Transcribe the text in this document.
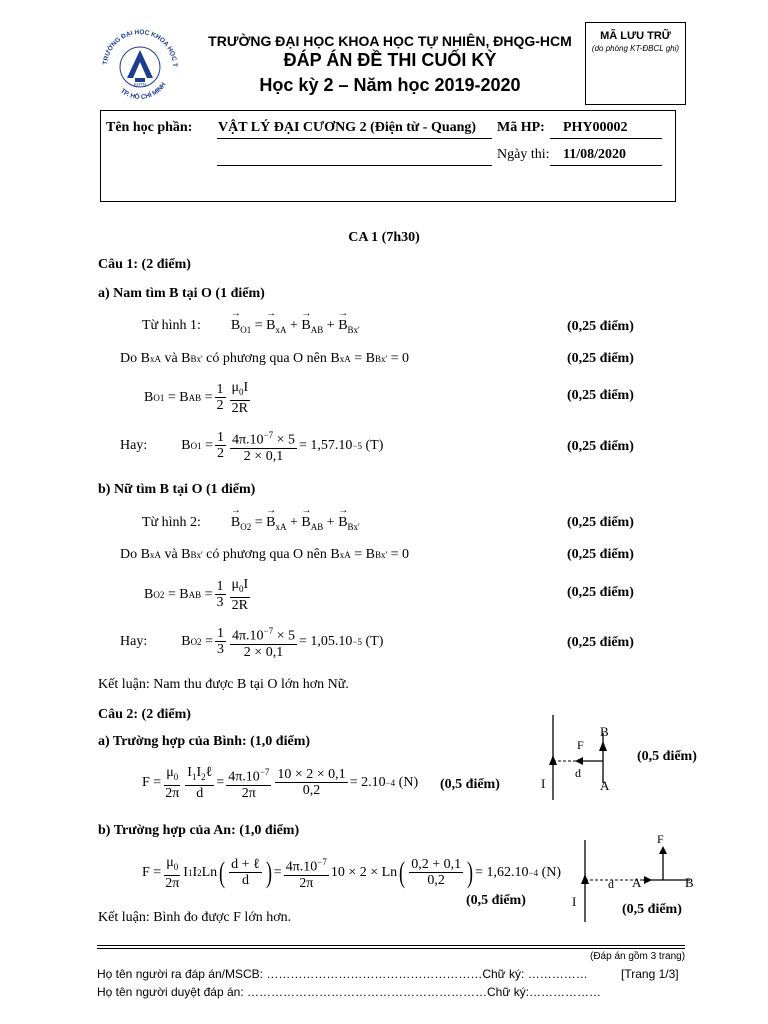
TRƯỜNG ĐẠI HỌC KHOA HỌC T
TP. HỒ CHÍ MINH
KHTN
TRƯỜNG ĐẠI HỌC KHOA HỌC TỰ NHIÊN, ĐHQG-HCM
ĐÁP ÁN ĐỀ THI CUỐI KỲ
Học kỳ 2 – Năm học 2019-2020
MÃ LƯU TRỮ
(do phòng KT-ĐBCL ghi)
Tên học phần: VẬT LÝ ĐẠI CƯƠNG 2 (Điện từ - Quang) Mã HP: PHY00002
Ngày thi: 11/08/2020
CA 1 (7h30)
Câu 1: (2 điểm)
a) Nam tìm B tại O (1 điểm)
Từ hình 1: → $B_{O1}$ = → $B_{xA}$ + → $B_{AB}$ + → $B_{Bx'}$	(0,25 điểm)
Do B xA và B Bx' có phương qua O nên B xA = B Bx' = 0	(0,25 điểm)
B O1 = B AB = $\frac{1}{2} \frac{\mu_0I}{2R}$	(0,25 điểm)
Hay: B $O1 = \frac{1}{2} \frac{4\pi.10^{-7} \times 5}{2 \times 0,1} = 1,57.10 -5$
(T)	(0,25 điểm)
b) Nữ tìm B tại O (1 điểm)
Từ hình 2: → $B_{O2}$ = → $B_{xA}$ + → $B_{AB}$ + → $B_{Bx'}$	(0,25 điểm)
Do B xA và B Bx' có phương qua O nên B xA = B Bx' = 0	(0,25 điểm)
B O2 = B AB = $\frac{1}{3} \frac{\mu_0I}{2R}$	(0,25 điểm)
Hay: B $O2 = \frac{1}{3} \frac{4\pi.10^{-7} \times 5}{2 \times 0,1} = 1,05.10 -5$
(T)	(0,25 điểm)
Kết luận: Nam thu được B tại O lớn hơn Nữ.
Câu 2: (2 điểm)
a) Trường hợp của Bình: (1,0 điểm)
$F = \frac{\mu_0}{2\pi} \frac{I_1I_2\ell}{d} = \frac{4\pi.10^{-7}}{2\pi} \frac{10 \times 2 \times 0,1}{0,2} = 2.10 -4$
(N) (0,5 điểm)
(0,5 điểm)
I
F
d
B
A
b) Trường hợp của An: (1,0 điểm)
$F = \frac{\mu_0}{2\pi}$ I 1 I 2 Ln ( $\frac{\text{d + ℓ}}{d}$ ) = $\frac{4\pi.10^{-7}}{2\pi} 10 \times 2 \times Ln$ ( $\frac{0,2 + 0,1}{0,2}$ ) = 1,62.10 −4
(N)
(0,5 điểm)
(0,5 điểm)
I
d A	B
F
Kết luận: Bình đo được F lớn hơn.
(Đáp án gồm 3 trang)
Họ tên người ra đáp án/MSCB: ………………………………………………Chữ ký: ……………	[Trang 1/3]
Họ tên người duyệt đáp án: ……………………………………………………Chữ ký:………………
